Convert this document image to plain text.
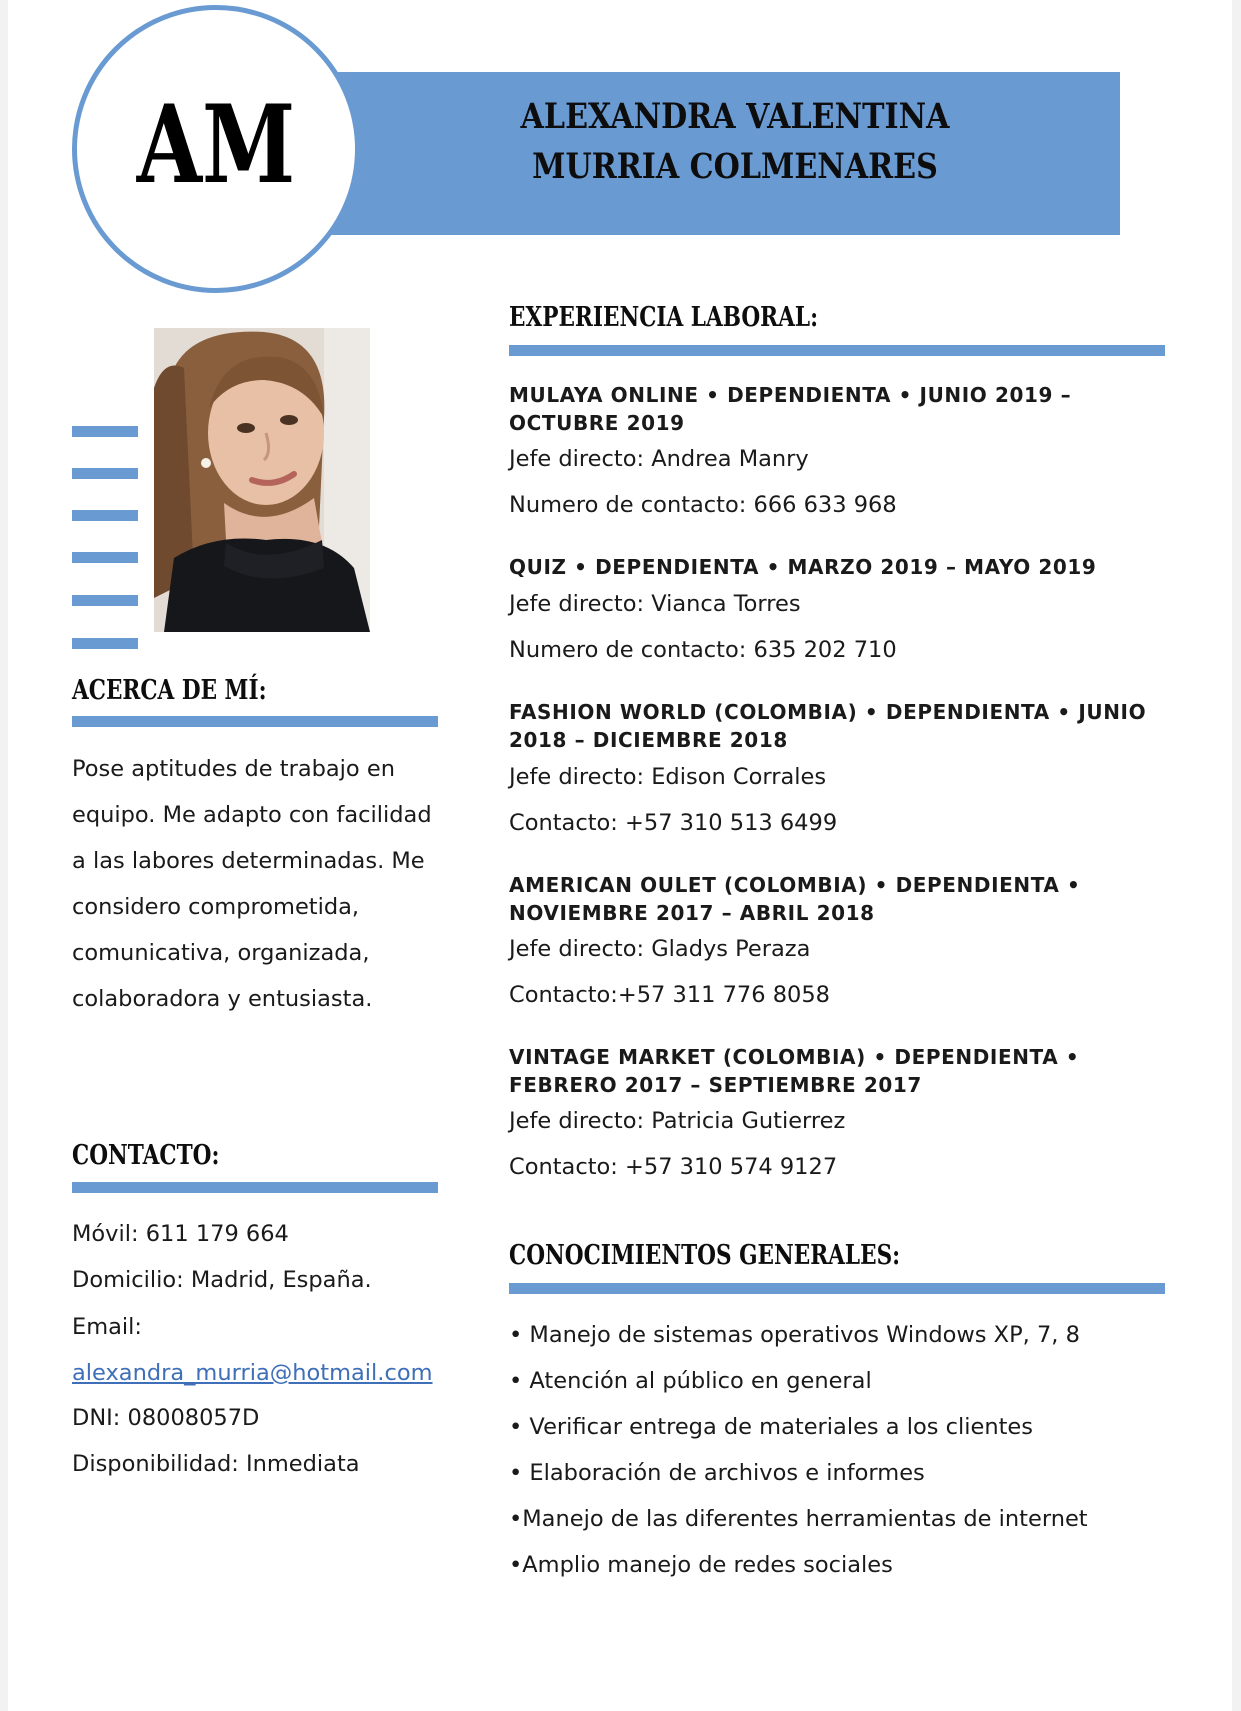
ALEXANDRA VALENTINA
MURRIA COLMENARES
AM
ACERCA DE MÍ:
Pose aptitudes de trabajo en equipo. Me adapto con facilidad a las labores determinadas. Me considero comprometida, comunicativa, organizada, colaboradora y entusiasta.
CONTACTO:
Móvil: 611 179 664
Domicilio: Madrid, España.
Email:
alexandra_murria@hotmail.com
DNI: 08008057D
Disponibilidad: Inmediata
EXPERIENCIA LABORAL:
MULAYA ONLINE • DEPENDIENTA • JUNIO 2019 – OCTUBRE 2019
Jefe directo: Andrea Manry
Numero de contacto: 666 633 968
QUIZ • DEPENDIENTA • MARZO 2019 – MAYO 2019
Jefe directo: Vianca Torres
Numero de contacto: 635 202 710
FASHION WORLD (COLOMBIA) • DEPENDIENTA • JUNIO 2018 – DICIEMBRE 2018
Jefe directo: Edison Corrales
Contacto: +57 310 513 6499
AMERICAN OULET (COLOMBIA) • DEPENDIENTA • NOVIEMBRE 2017 – ABRIL 2018
Jefe directo: Gladys Peraza
Contacto:+57 311 776 8058
VINTAGE MARKET (COLOMBIA) • DEPENDIENTA • FEBRERO 2017 – SEPTIEMBRE 2017
Jefe directo: Patricia Gutierrez
Contacto: +57 310 574 9127
CONOCIMIENTOS GENERALES:
• Manejo de sistemas operativos Windows XP, 7, 8
• Atención al público en general
• Verificar entrega de materiales a los clientes
• Elaboración de archivos e informes
•Manejo de las diferentes herramientas de internet
•Amplio manejo de redes sociales
